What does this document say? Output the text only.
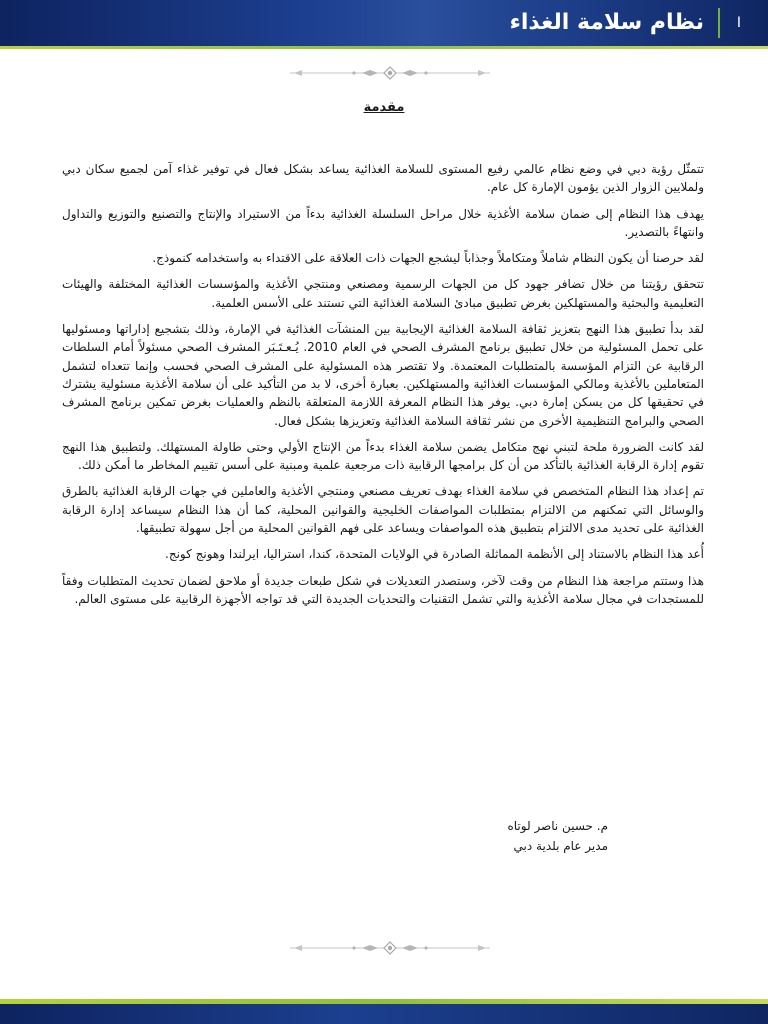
نظام سلامة الغذاء	I
مقدمة

تتمثّل رؤية دبي في وضع نظام عالمي رفيع المستوى للسلامة الغذائية يساعد بشكل فعال في توفير غذاء آمن لجميع سكان دبي ولملايين الزوار الذين يؤمون الإمارة كل عام.

يهدف هذا النظام إلى ضمان سلامة الأغذية خلال مراحل السلسلة الغذائية بدءاً من الاستيراد والإنتاج والتصنيع والتوزيع والتداول وانتهاءً بالتصدير.

لقد حرصنا أن يكون النظام شاملاً ومتكاملاً وجذاباً ليشجع الجهات ذات العلاقة على الاقتداء به واستخدامه كنموذج.

تتحقق رؤيتنا من خلال تضافر جهود كل من الجهات الرسمية ومصنعي ومنتجي الأغذية والمؤسسات الغذائية المختلفة والهيئات التعليمية والبحثية والمستهلكين بغرض تطبيق مبادئ السلامة الغذائية التي تستند على الأسس العلمية.

لقد بدأ تطبيق هذا النهج بتعزيز ثقافة السلامة الغذائية الإيجابية بين المنشآت الغذائية في الإمارة، وذلك بتشجيع إداراتها ومسئوليها على تحمل المسئولية من خلال تطبيق برنامج المشرف الصحي في العام 2010. يُـعـتَـبَر المشرف الصحي مسئولاً أمام السلطات الرقابية عن التزام المؤسسة بالمتطلبات المعتمدة. ولا تقتصر هذه المسئولية على المشرف الصحي فحسب وإنما تتعداه لتشمل المتعاملين بالأغذية ومالكي المؤسسات الغذائية والمستهلكين. بعبارة أخرى، لا بد من التأكيد على أن سلامة الأغذية مسئولية يشترك في تحقيقها كل من يسكن إمارة دبي. يوفر هذا النظام المعرفة اللازمة المتعلقة بالنظم والعمليات بغرض تمكين برنامج المشرف الصحي والبرامج التنظيمية الأخرى من نشر ثقافة السلامة الغذائية وتعزيزها بشكل فعال.

لقد كانت الضرورة ملحة لتبني نهج متكامل يضمن سلامة الغذاء بدءاً من الإنتاج الأولي وحتى طاولة المستهلك. ولتطبيق هذا النهج تقوم إدارة الرقابة الغذائية بالتأكد من أن كل برامجها الرقابية ذات مرجعية علمية ومبنية على أسس تقييم المخاطر ما أمكن ذلك.

تم إعداد هذا النظام المتخصص في سلامة الغذاء بهدف تعريف مصنعي ومنتجي الأغذية والعاملين في جهات الرقابة الغذائية بالطرق والوسائل التي تمكنهم من الالتزام بمتطلبات المواصفات الخليجية والقوانين المحلية، كما أن هذا النظام سيساعد إدارة الرقابة الغذائية على تحديد مدى الالتزام بتطبيق هذه المواصفات ويساعد على فهم القوانين المحلية من أجل سهولة تطبيقها.

أُعد هذا النظام بالاستناد إلى الأنظمة المماثلة الصادرة في الولايات المتحدة، كندا، استراليا، ايرلندا وهونج كونج.

هذا وستتم مراجعة هذا النظام من وقت لآخر، وستصدر التعديلات في شكل طبعات جديدة أو ملاحق لضمان تحديث المتطلبات وفقاً للمستجدات في مجال سلامة الأغذية والتي تشمل التقنيات والتحديات الجديدة التي قد تواجه الأجهزة الرقابية على مستوى العالم.

م. حسين ناصر لوتاه
مدير عام بلدية دبي
